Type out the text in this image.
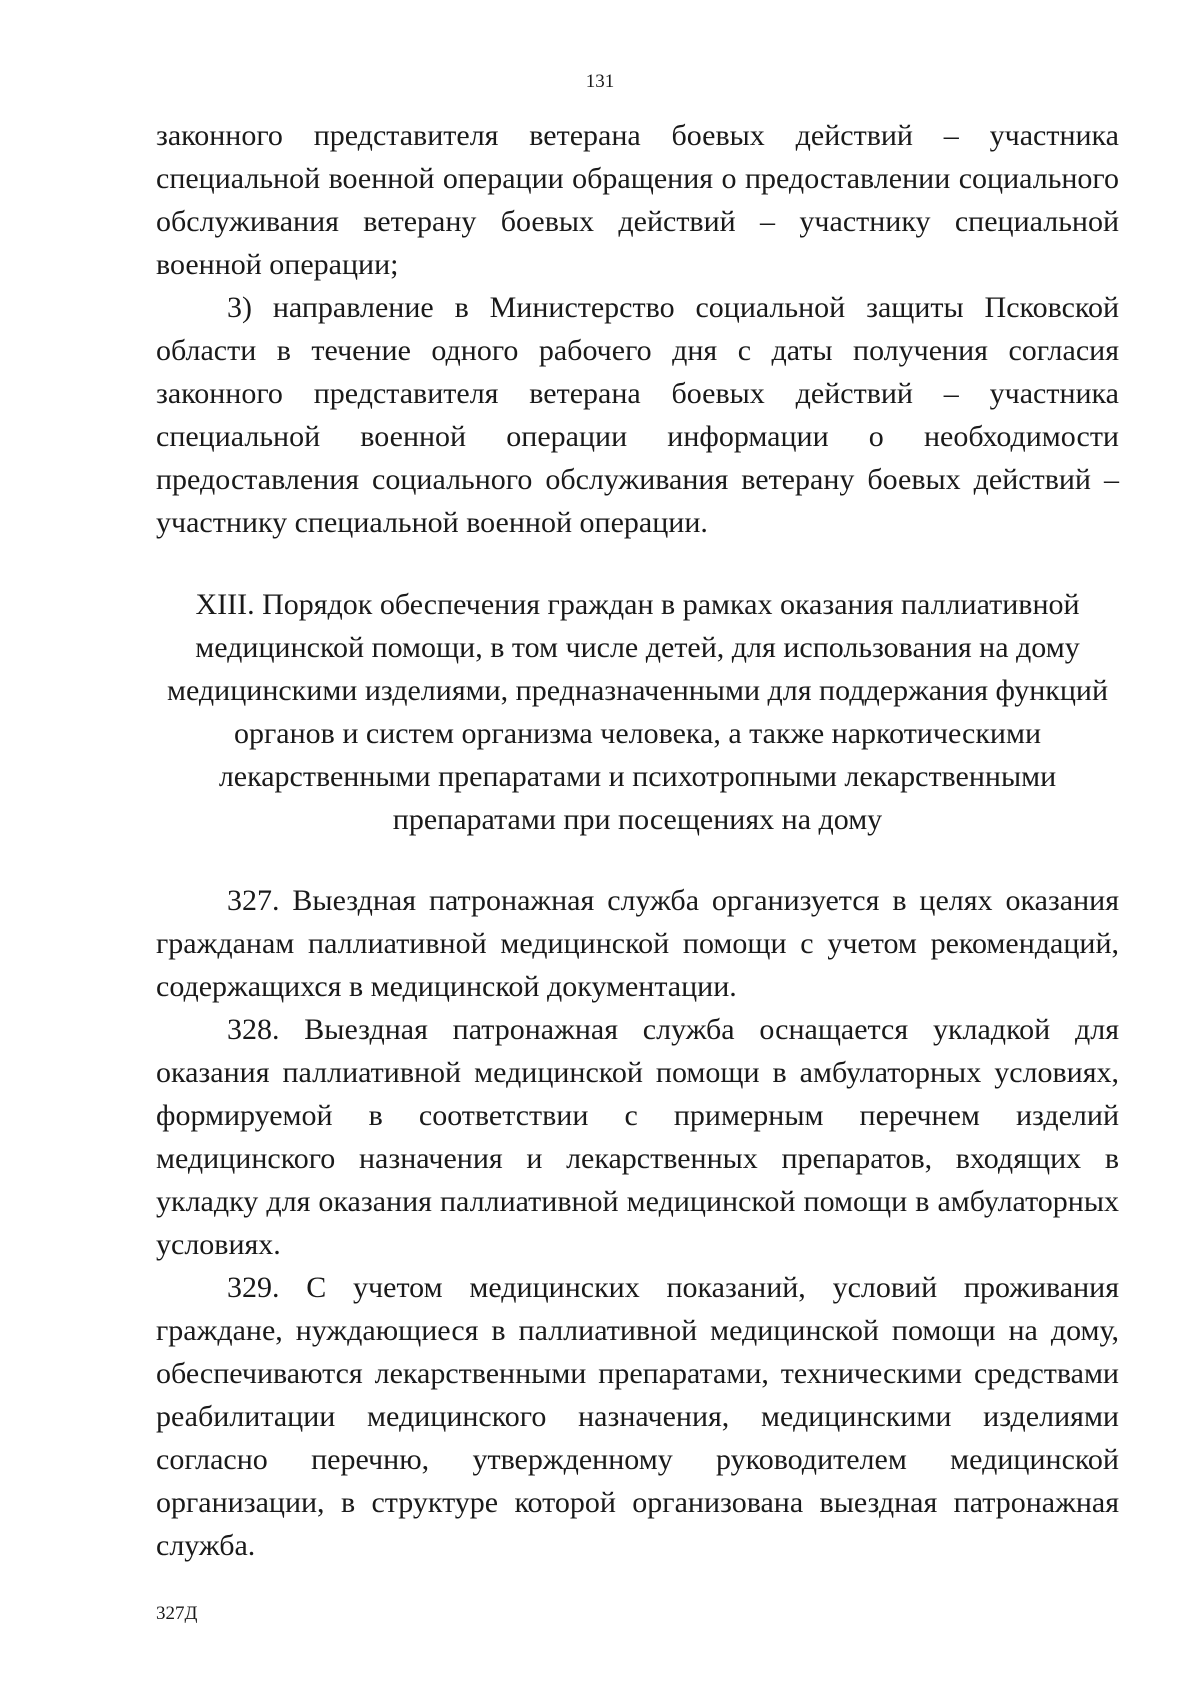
131

законного представителя ветерана боевых действий – участника специальной военной операции обращения о предоставлении социального обслуживания ветерану боевых действий – участнику специальной военной операции;

3) направление в Министерство социальной защиты Псковской области в течение одного рабочего дня с даты получения согласия законного представителя ветерана боевых действий – участника специальной военной операции информации о необходимости предоставления социального обслуживания ветерану боевых действий – участнику специальной военной операции.

XIII. Порядок обеспечения граждан в рамках оказания паллиативной медицинской помощи, в том числе детей, для использования на дому медицинскими изделиями, предназначенными для поддержания функций органов и систем организма человека, а также наркотическими лекарственными препаратами и психотропными лекарственными препаратами при посещениях на дому

327. Выездная патронажная служба организуется в целях оказания гражданам паллиативной медицинской помощи с учетом рекомендаций, содержащихся в медицинской документации.

328. Выездная патронажная служба оснащается укладкой для оказания паллиативной медицинской помощи в амбулаторных условиях, формируемой в соответствии с примерным перечнем изделий медицинского назначения и лекарственных препаратов, входящих в укладку для оказания паллиативной медицинской помощи в амбулаторных условиях.

329. С учетом медицинских показаний, условий проживания граждане, нуждающиеся в паллиативной медицинской помощи на дому, обеспечиваются лекарственными препаратами, техническими средствами реабилитации медицинского назначения, медицинскими изделиями согласно перечню, утвержденному руководителем медицинской организации, в структуре которой организована выездная патронажная служба.

327Д
